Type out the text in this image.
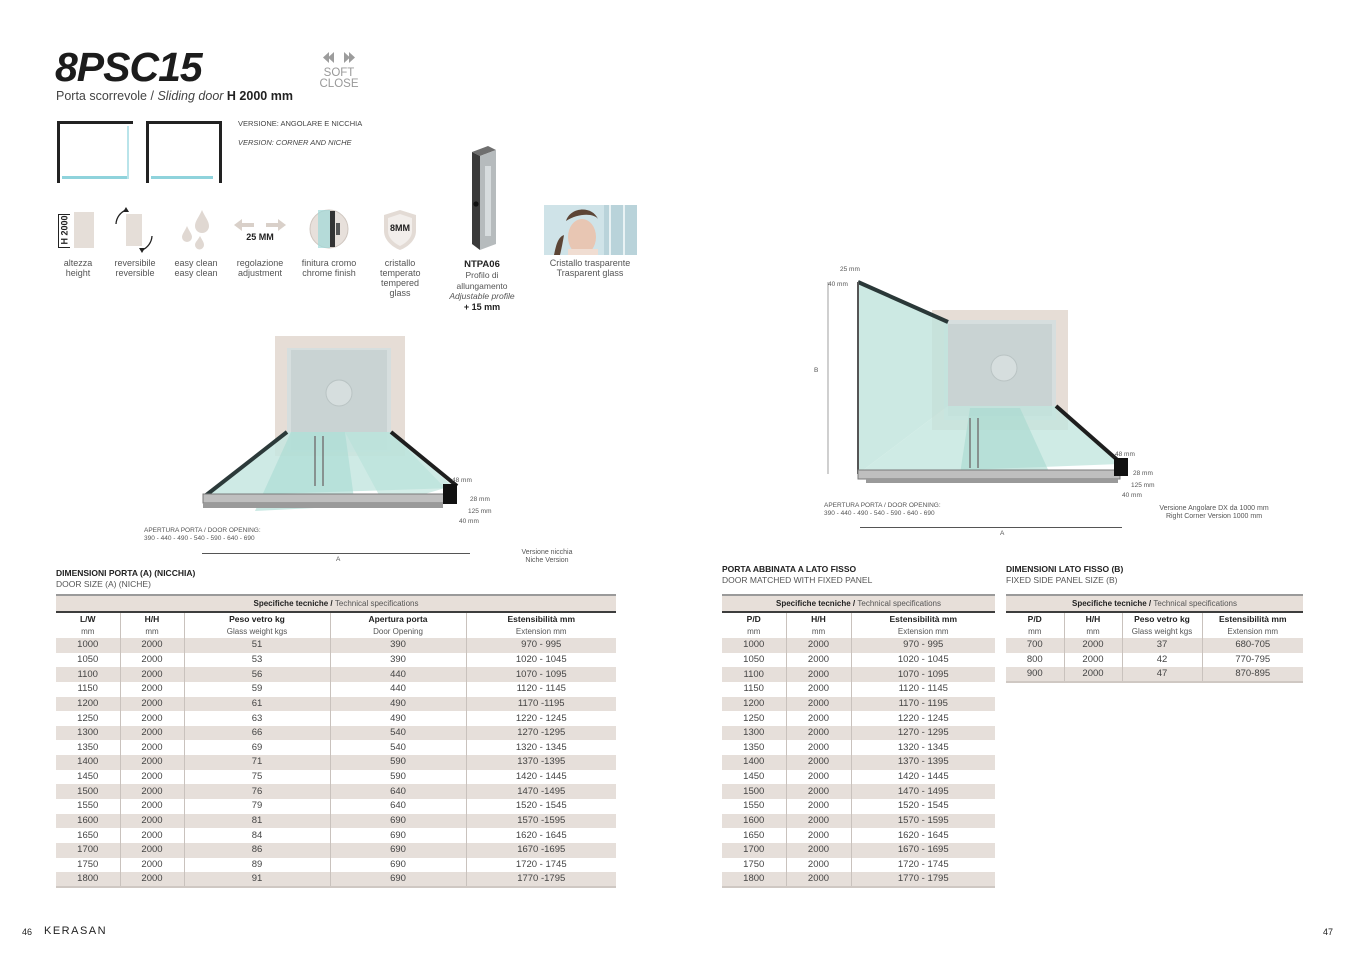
8PSC15
Porta scorrevole / Sliding door H 2000 mm
SOFT
CLOSE
VERSIONE: ANGOLARE E NICCHIA
VERSION: CORNER AND NICHE
H 2000
altezza
height
reversibile
reversible
easy clean
easy clean
25 MM
regolazione
adjustment
finitura cromo
chrome finish
8MM
cristallo temperato
tempered glass
NTPA06
Profilo di allungamento
Adjustable profile
+ 15 mm
Cristallo trasparente
Trasparent glass
48 mm
28 mm
125 mm
40 mm
APERTURA PORTA / DOOR OPENING:
390 - 440 - 490 - 540 - 590 - 640 - 690
A
Versione nicchia
Niche Version
25 mm
40 mm
B
48 mm
28 mm
125 mm
40 mm
APERTURA PORTA / DOOR OPENING:
390 - 440 - 490 - 540 - 590 - 640 - 690
A
Versione Angolare DX da 1000 mm
Right Corner Version 1000 mm
DIMENSIONI PORTA (A) (NICCHIA)
DOOR SIZE (A) (NICHE)
PORTA ABBINATA A LATO FISSO
DOOR MATCHED WITH FIXED PANEL
DIMENSIONI LATO FISSO (B)
FIXED SIDE PANEL SIZE (B)
Specifiche tecniche / Technical specifications				
L/W	H/H	Peso vetro kg	Apertura porta	Estensibilità mm
mm	mm	Glass weight kgs	Door Opening	Extension mm
1000	2000	51	390	970 - 995
1050	2000	53	390	1020 - 1045
1100	2000	56	440	1070 - 1095
1150	2000	59	440	1120 - 1145
1200	2000	61	490	1170 -1195
1250	2000	63	490	1220 - 1245
1300	2000	66	540	1270 -1295
1350	2000	69	540	1320 - 1345
1400	2000	71	590	1370 -1395
1450	2000	75	590	1420 - 1445
1500	2000	76	640	1470 -1495
1550	2000	79	640	1520 - 1545
1600	2000	81	690	1570 -1595
1650	2000	84	690	1620 - 1645
1700	2000	86	690	1670 -1695
1750	2000	89	690	1720 - 1745
1800	2000	91	690	1770 -1795
Specifiche tecniche / Technical specifications		
P/D	H/H	Estensibilità mm
mm	mm	Extension mm
1000	2000	970 - 995
1050	2000	1020 - 1045
1100	2000	1070 - 1095
1150	2000	1120 - 1145
1200	2000	1170 - 1195
1250	2000	1220 - 1245
1300	2000	1270 - 1295
1350	2000	1320 - 1345
1400	2000	1370 - 1395
1450	2000	1420 - 1445
1500	2000	1470 - 1495
1550	2000	1520 - 1545
1600	2000	1570 - 1595
1650	2000	1620 - 1645
1700	2000	1670 - 1695
1750	2000	1720 - 1745
1800	2000	1770 - 1795
Specifiche tecniche / Technical specifications			
P/D	H/H	Peso vetro kg	Estensibilità mm
mm	mm	Glass weight kgs	Extension mm
700	2000	37	680-705
800	2000	42	770-795
900	2000	47	870-895
46 KERASAN	47
